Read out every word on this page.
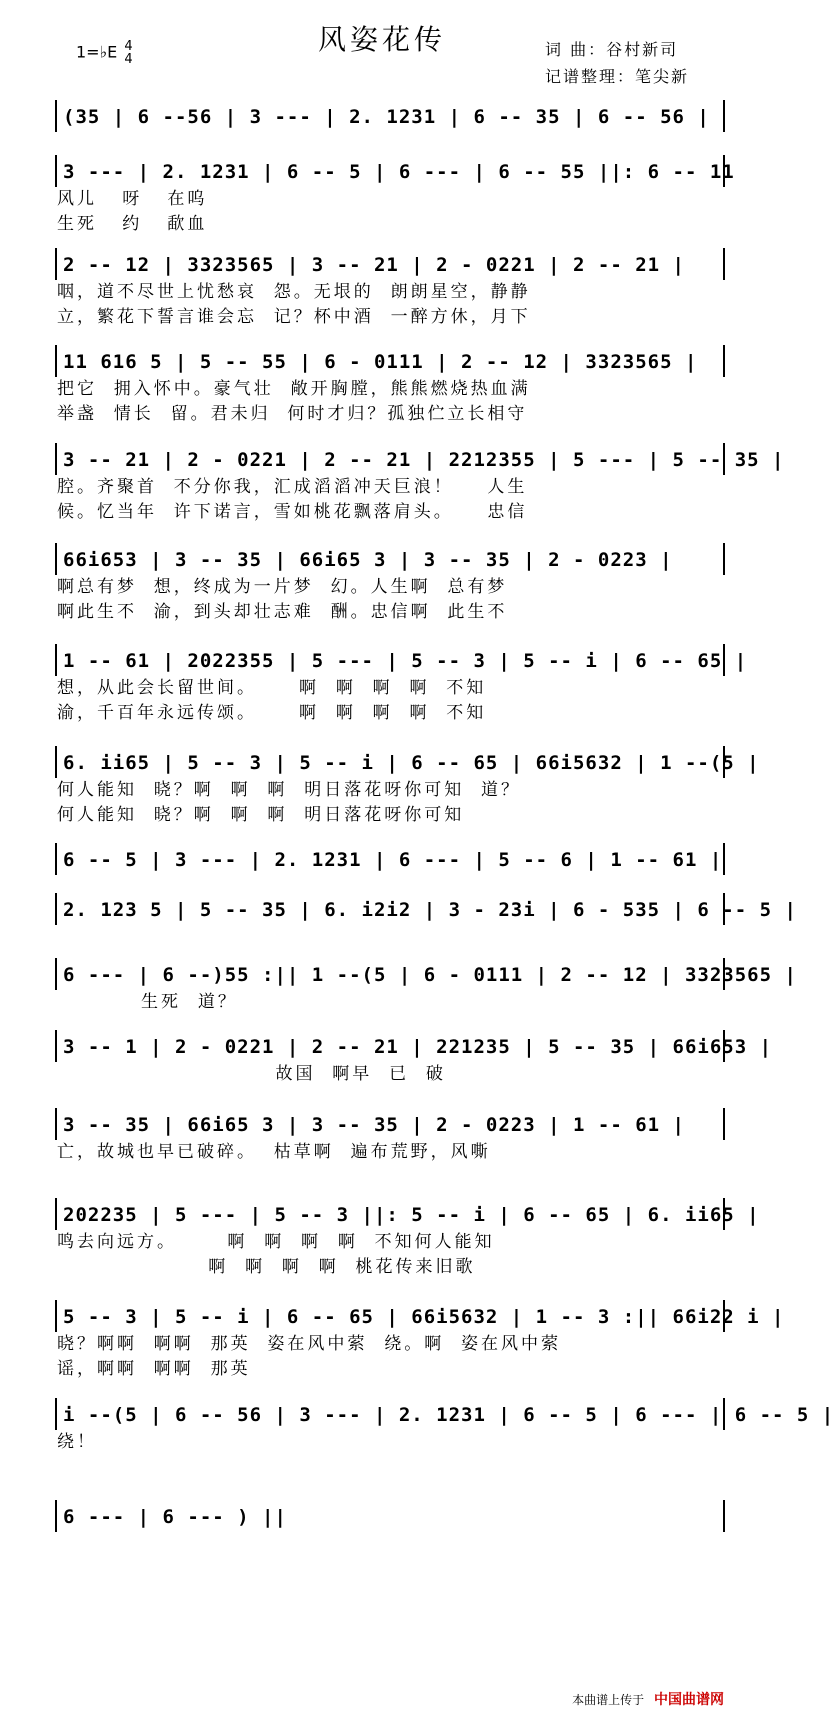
风姿花传
1=♭E 4
4
词 曲：谷村新司
记谱整理：笔尖新
(35 | 6 --56 | 3 --- | 2. 1231 | 6 -- 35 | 6 -- 56 |
3 --- | 2. 1231 | 6 -- 5 | 6 --- | 6 -- 55 ||: 6 -- 11
风儿   呀   在呜
生死   约   歃血
2 -- 12 | 3323565 | 3 -- 21 | 2 - 0221 | 2 -- 21 |
咽，道不尽世上忧愁哀  怨。无垠的  朗朗星空，静静
立，繁花下誓言谁会忘  记？杯中酒  一醉方休，月下
11 616 5 | 5 -- 55 | 6 - 0111 | 2 -- 12 | 3323565 |
把它  拥入怀中。豪气壮  敞开胸膛，熊熊燃烧热血满
举盏  情长  留。君未归  何时才归？孤独伫立长相守
3 -- 21 | 2 - 0221 | 2 -- 21 | 2212355 | 5 --- | 5 -- 35 |
腔。齐聚首  不分你我，汇成滔滔冲天巨浪！    人生
候。忆当年  许下诺言，雪如桃花飘落肩头。    忠信
66i653 | 3 -- 35 | 66i65 3 | 3 -- 35 | 2 - 0223 |
啊总有梦  想，终成为一片梦  幻。人生啊  总有梦
啊此生不  渝，到头却壮志难  酬。忠信啊  此生不
1 -- 61 | 2022355 | 5 --- | 5 -- 3 | 5 -- i | 6 -- 65 |
想，从此会长留世间。     啊  啊  啊  啊  不知
渝，千百年永远传颂。     啊  啊  啊  啊  不知
6. ii65 | 5 -- 3 | 5 -- i | 6 -- 65 | 66i5632 | 1 --(5 |
何人能知  晓？啊  啊  啊  明日落花呀你可知  道？
何人能知  晓？啊  啊  啊  明日落花呀你可知
6 -- 5 | 3 --- | 2. 1231 | 6 --- | 5 -- 6 | 1 -- 61 |
2. 123 5 | 5 -- 35 | 6. i2i2 | 3 - 23i | 6 - 535 | 6 -- 5 |
6 --- | 6 --)55 :|| 1 --(5 | 6 - 0111 | 2 -- 12 | 3323565 |
生死  道？
3 -- 1 | 2 - 0221 | 2 -- 21 | 221235 | 5 -- 35 | 66i653 |
故国  啊早  已  破
3 -- 35 | 66i65 3 | 3 -- 35 | 2 - 0223 | 1 -- 61 |
亡，故城也早已破碎。  枯草啊  遍布荒野，风嘶
202235 | 5 --- | 5 -- 3 ||: 5 -- i | 6 -- 65 | 6. ii65 |
鸣去向远方。      啊  啊  啊  啊  不知何人能知
啊  啊  啊  啊  桃花传来旧歌
5 -- 3 | 5 -- i | 6 -- 65 | 66i5632 | 1 -- 3 :|| 66i22 i |
晓？啊啊  啊啊  那英  姿在风中萦  绕。啊  姿在风中萦
谣，啊啊  啊啊  那英
i --(5 | 6 -- 56 | 3 --- | 2. 1231 | 6 -- 5 | 6 --- | 6 -- 5 |
绕！
6 --- | 6 --- ) ||
本曲谱上传于 中国曲谱网
